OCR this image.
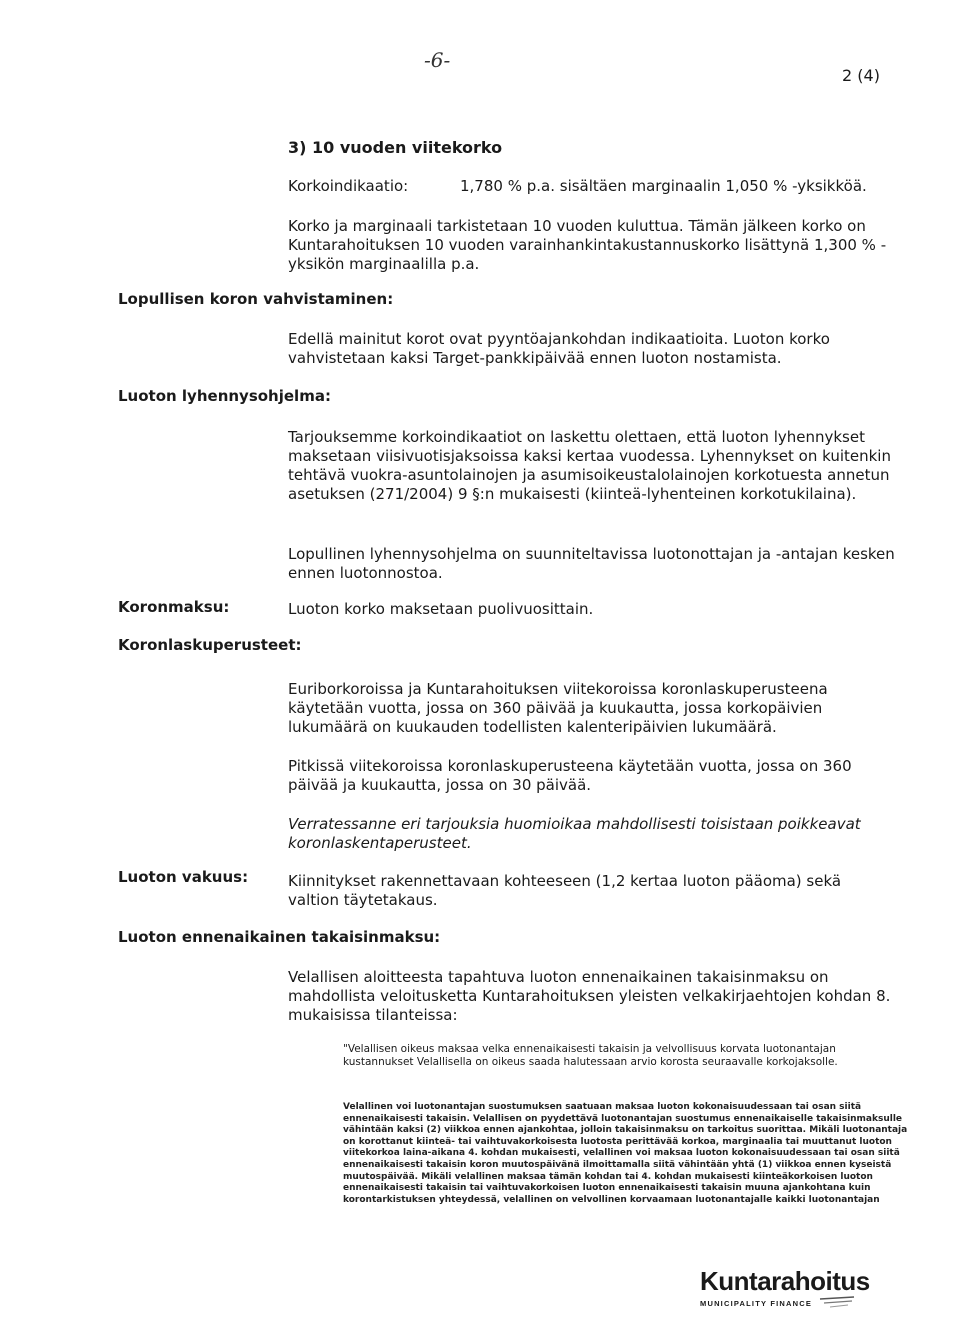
-6-
2 (4)
3) 10 vuoden viitekorko
Korkoindikaatio:	1,780 % p.a. sisältäen marginaalin 1,050 % -yksikköä.
Korko ja marginaali tarkistetaan 10 vuoden kuluttua. Tämän jälkeen korko on Kuntarahoituksen 10 vuoden varainhankintakustannuskorko lisättynä 1,300 % -yksikön marginaalilla p.a.
Lopullisen koron vahvistaminen:
Edellä mainitut korot ovat pyyntöajankohdan indikaatioita. Luoton korko vahvistetaan kaksi Target-pankkipäivää ennen luoton nostamista.
Luoton lyhennysohjelma:
Tarjouksemme korkoindikaatiot on laskettu olettaen, että luoton lyhennykset maksetaan viisivuotisjaksoissa kaksi kertaa vuodessa. Lyhennykset on kuitenkin tehtävä vuokra-asuntolainojen ja asumisoikeustalolainojen korkotuesta annetun asetuksen (271/2004) 9 §:n mukaisesti (kiinteä-lyhenteinen korkotukilaina).
Lopullinen lyhennysohjelma on suunniteltavissa luotonottajan ja -antajan kesken ennen luotonnostoa.
Koronmaksu:	Luoton korko maksetaan puolivuosittain.
Koronlaskuperusteet:
Euriborkoroissa ja Kuntarahoituksen viitekoroissa koronlaskuperusteena käytetään vuotta, jossa on 360 päivää ja kuukautta, jossa korkopäivien lukumäärä on kuukauden todellisten kalenteripäivien lukumäärä.
Pitkissä viitekoroissa koronlaskuperusteena käytetään vuotta, jossa on 360 päivää ja kuukautta, jossa on 30 päivää.
Verratessanne eri tarjouksia huomioikaa mahdollisesti toisistaan poikkeavat koronlaskentaperusteet.
Luoton vakuus:	Kiinnitykset rakennettavaan kohteeseen (1,2 kertaa luoton pääoma) sekä valtion täytetakaus.
Luoton ennenaikainen takaisinmaksu:
Velallisen aloitteesta tapahtuva luoton ennenaikainen takaisinmaksu on mahdollista veloitusketta Kuntarahoituksen yleisten velkakirjaehtojen kohdan 8. mukaisissa tilanteissa:
"Velallisen oikeus maksaa velka ennenaikaisesti takaisin ja velvollisuus korvata luotonantajan kustannukset Velallisella on oikeus saada halutessaan arvio korosta seuraavalle korkojaksolle.
Velallinen voi luotonantajan suostumuksen saatuaan maksaa luoton kokonaisuudessaan tai osan siitä ennenaikaisesti takaisin. Velallisen on pyydettävä luotonantajan suostumus ennenaikaiselle takaisinmaksulle vähintään kaksi (2) viikkoa ennen ajankohtaa, jolloin takaisinmaksu on tarkoitus suorittaa. Mikäli luotonantaja on korottanut kiinteä- tai vaihtuvakorkoisesta luotosta perittävää korkoa, marginaalia tai muuttanut luoton viitekorkoa laina-aikana 4. kohdan mukaisesti, velallinen voi maksaa luoton kokonaisuudessaan tai osan siitä ennenaikaisesti takaisin koron muutospäivänä ilmoittamalla siitä vähintään yhtä (1) viikkoa ennen kyseistä muutospäivää. Mikäli velallinen maksaa tämän kohdan tai 4. kohdan mukaisesti kiinteäkorkoisen luoton ennenaikaisesti takaisin tai vaihtuvakorkoisen luoton ennenaikaisesti takaisin muuna ajankohtana kuin korontarkistuksen yhteydessä, velallinen on velvollinen korvaamaan luotonantajalle kaikki luotonantajan
Kuntarahoitus
MUNICIPALITY FINANCE
